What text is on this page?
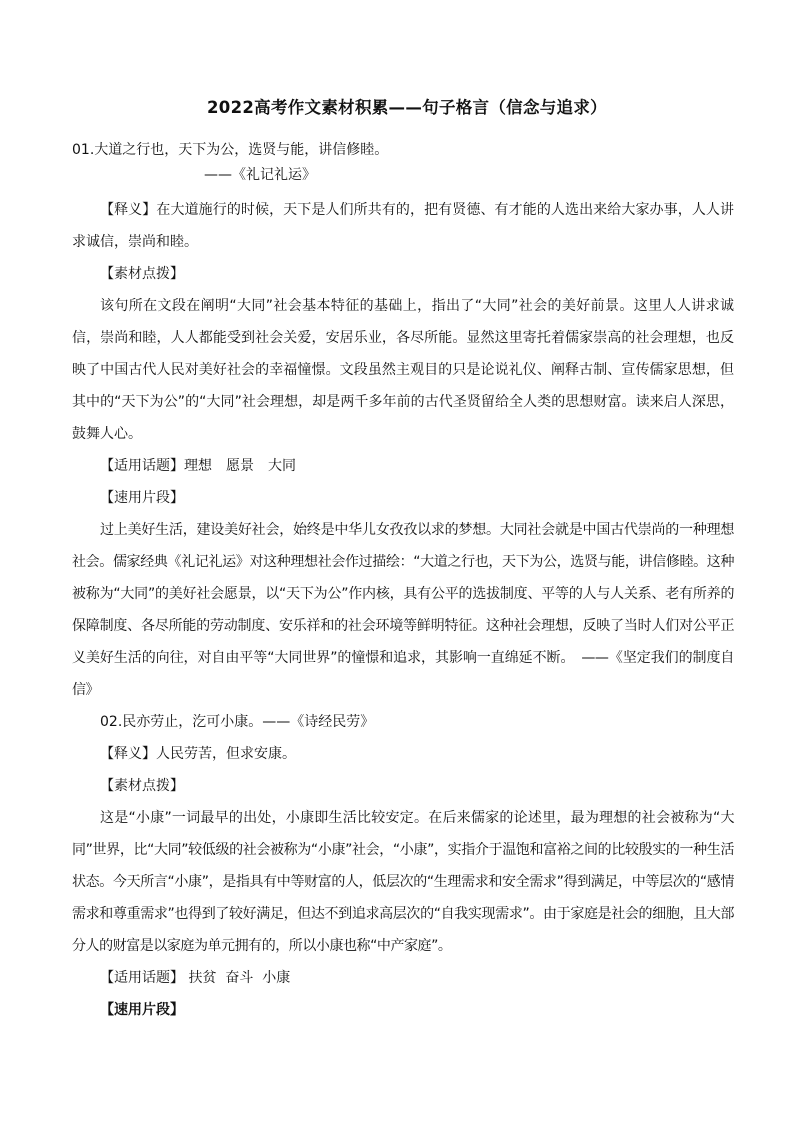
2022高考作文素材积累——句子格言（信念与追求）

01.大道之行也，天下为公，选贤与能，讲信修睦。

——《礼记礼运》

【释义】在大道施行的时候，天下是人们所共有的，把有贤德、有才能的人选出来给大家办事，人人讲求诚信，崇尚和睦。

【素材点拨】

该句所在文段在阐明“大同”社会基本特征的基础上，指出了“大同”社会的美好前景。这里人人讲求诚信，崇尚和睦，人人都能受到社会关爱，安居乐业，各尽所能。显然这里寄托着儒家崇高的社会理想，也反映了中国古代人民对美好社会的幸福憧憬。文段虽然主观目的只是论说礼仪、阐释古制、宣传儒家思想，但其中的“天下为公”的“大同”社会理想，却是两千多年前的古代圣贤留给全人类的思想财富。读来启人深思，鼓舞人心。

【适用话题】理想　愿景　大同

【速用片段】

过上美好生活，建设美好社会，始终是中华儿女孜孜以求的梦想。大同社会就是中国古代崇尚的一种理想社会。儒家经典《礼记礼运》对这种理想社会作过描绘：“大道之行也，天下为公，选贤与能，讲信修睦。这种被称为“大同”的美好社会愿景，以“天下为公”作内核，具有公平的选拔制度、平等的人与人关系、老有所养的保障制度、各尽所能的劳动制度、安乐祥和的社会环境等鲜明特征。这种社会理想，反映了当时人们对公平正义美好生活的向往，对自由平等“大同世界”的憧憬和追求，其影响一直绵延不断。　——《坚定我们的制度自信》

02.民亦劳止，汔可小康。——《诗经民劳》

【释义】人民劳苦，但求安康。

【素材点拨】

这是“小康”一词最早的出处，小康即生活比较安定。在后来儒家的论述里，最为理想的社会被称为“大同”世界，比“大同”较低级的社会被称为“小康”社会，“小康”，实指介于温饱和富裕之间的比较殷实的一种生活状态。今天所言“小康”，是指具有中等财富的人，低层次的“生理需求和安全需求”得到满足，中等层次的“感情需求和尊重需求”也得到了较好满足，但达不到追求高层次的“自我实现需求”。由于家庭是社会的细胞，且大部分人的财富是以家庭为单元拥有的，所以小康也称“中产家庭”。

【适用话题】 扶贫  奋斗  小康

【速用片段】
